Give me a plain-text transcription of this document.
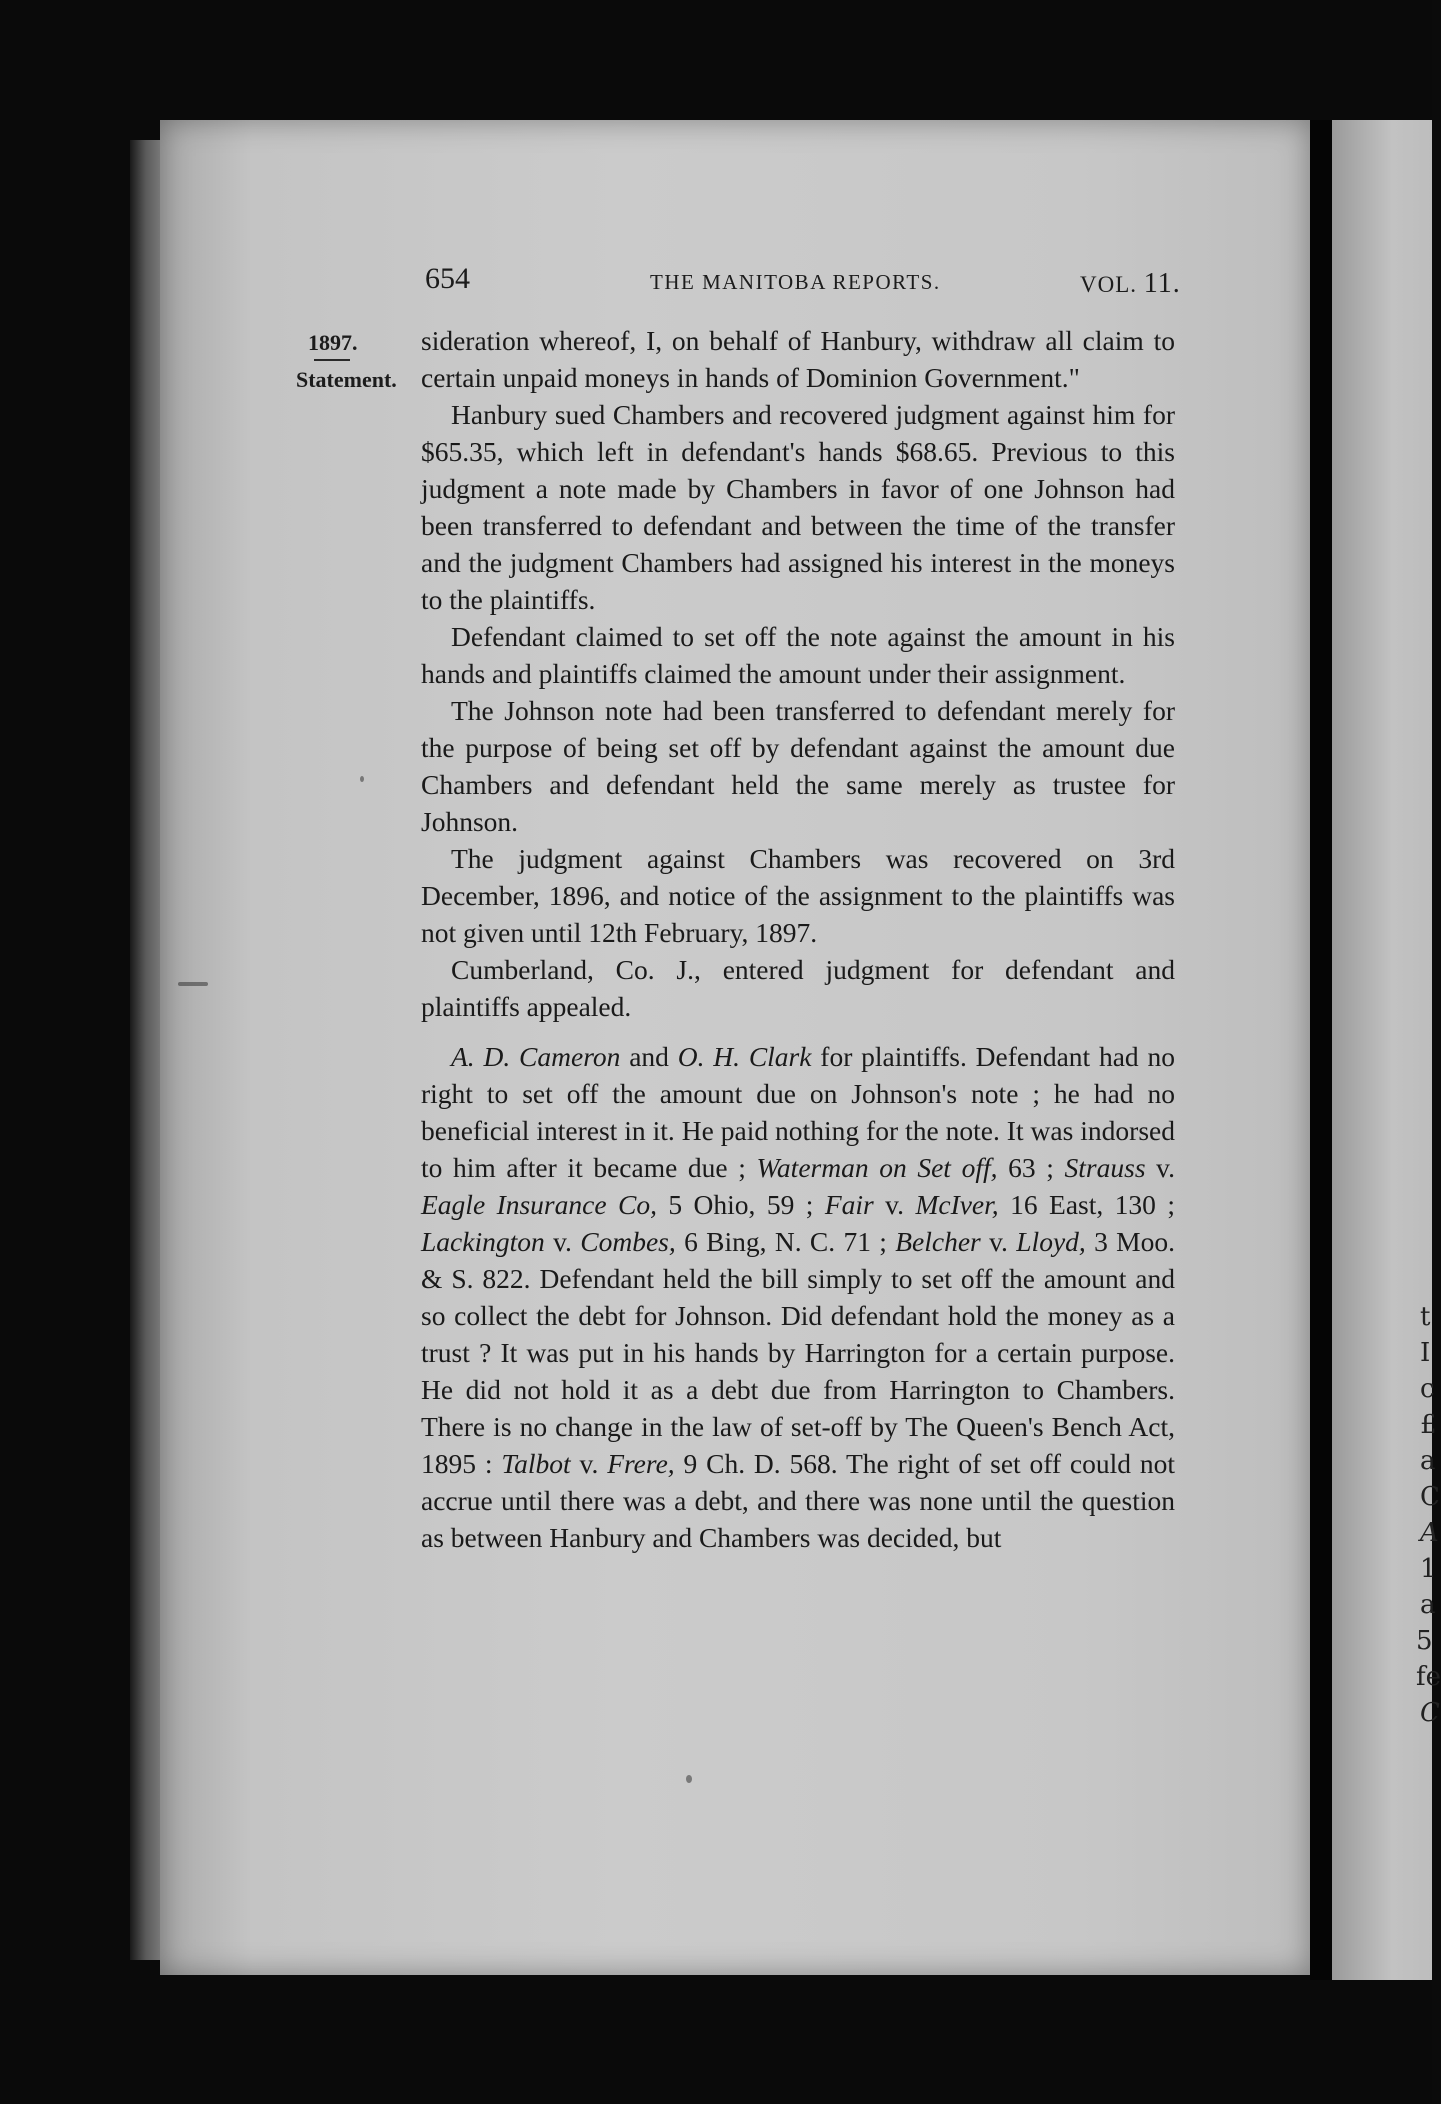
t
I
c
£
a
C
A
1
a
5
fe
C
654	THE MANITOBA REPORTS.	VOL. 11.
1897.
Statement.

sideration whereof, I, on behalf of Hanbury, withdraw all claim to certain unpaid moneys in hands of Dominion Government."

Hanbury sued Chambers and recovered judgment against him for $65.35, which left in defendant's hands $68.65. Previous to this judgment a note made by Chambers in favor of one Johnson had been transferred to defendant and between the time of the transfer and the judgment Chambers had assigned his interest in the moneys to the plaintiffs.

Defendant claimed to set off the note against the amount in his hands and plaintiffs claimed the amount under their assignment.

The Johnson note had been transferred to defendant merely for the purpose of being set off by defendant against the amount due Chambers and defendant held the same merely as trustee for Johnson.

The judgment against Chambers was recovered on 3rd December, 1896, and notice of the assignment to the plaintiffs was not given until 12th February, 1897.

Cumberland, Co. J., entered judgment for defendant and plaintiffs appealed.

A. D. Cameron and O. H. Clark for plaintiffs. Defendant had no right to set off the amount due on Johnson's note ; he had no beneficial interest in it. He paid nothing for the note. It was indorsed to him after it became due ; Waterman on Set off, 63 ; Strauss v. Eagle Insurance Co, 5 Ohio, 59 ; Fair v. McIver, 16 East, 130 ; Lackington v. Combes, 6 Bing, N. C. 71 ; Belcher v. Lloyd, 3 Moo. & S. 822. Defendant held the bill simply to set off the amount and so collect the debt for Johnson. Did defendant hold the money as a trust ? It was put in his hands by Harrington for a certain purpose. He did not hold it as a debt due from Harrington to Chambers. There is no change in the law of set-off by The Queen's Bench Act, 1895 : Talbot v. Frere, 9 Ch. D. 568. The right of set off could not accrue until there was a debt, and there was none until the question as between Hanbury and Chambers was decided, but
